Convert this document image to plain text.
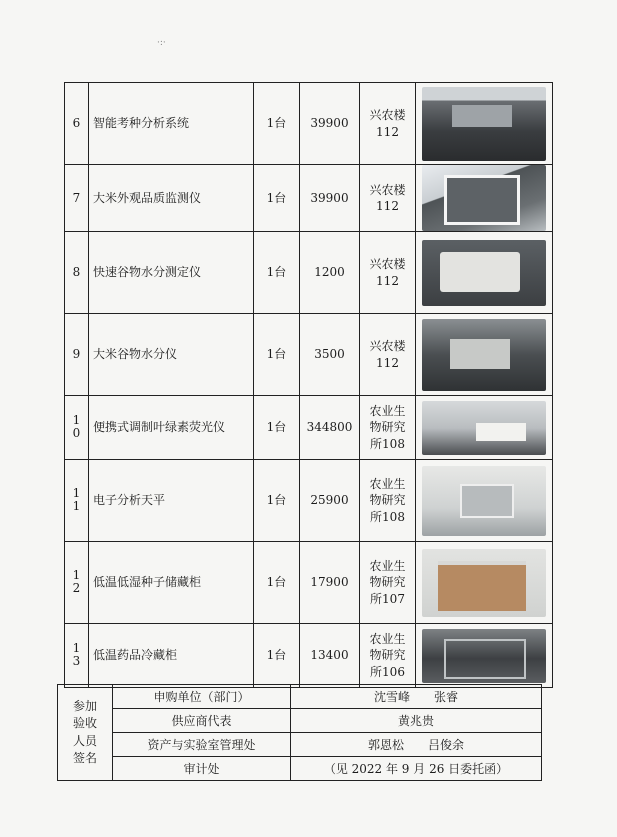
·:·
6	智能考种分析系统	1台	39900	兴农楼112	

7	大米外观品质监测仪	1台	39900	兴农楼112	

8	快速谷物水分测定仪	1台	1200	兴农楼112	

9	大米谷物水分仪	1台	3500	兴农楼112	

10	便携式调制叶绿素荧光仪	1台	344800	农业生物研究所108	

11	电子分析天平	1台	25900	农业生物研究所108	

12	低温低湿种子储藏柜	1台	17900	农业生物研究所107	

13	低温药品冷藏柜	1台	13400	农业生物研究所106	
参加验收人员签名	申购单位（部门）	沈雪峰　　张睿
	供应商代表	黄兆贵
	资产与实验室管理处	郭恩松　　吕俊余
	审计处	（见 2022 年 9 月 26 日委托函）
